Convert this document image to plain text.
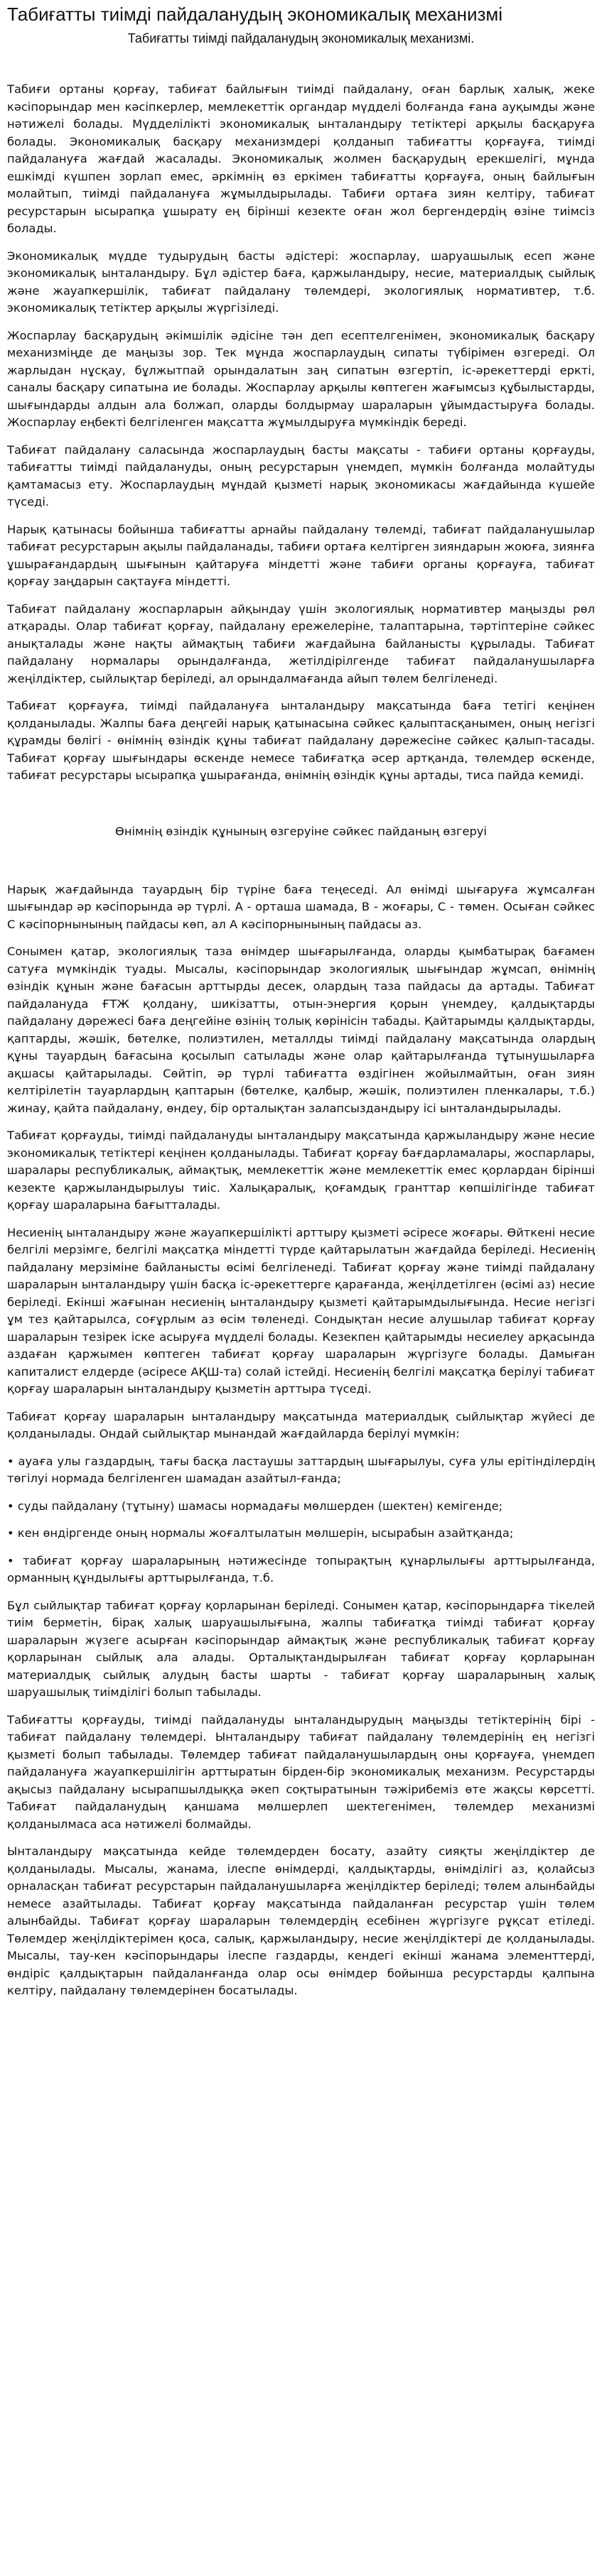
Табиғатты тиімді пайдаланудың экономикалық механизмі
Табиғатты тиімді пайдаланудың экономикалық механизмі.

Табиғи ортаны қорғау, табиғат байлығын тиімді пайдалану, оған барлық халық, жеке кәсіпорындар мен кәсіпкерлер, мемлекеттік органдар мүдделі болғанда ғана ауқымды және нәтижелі болады. Мүдделілікті экономикалық ынталандыру тетіктері арқылы басқаруға болады. Экономикалық басқару механизмдері қолданып табиғатты қорғауға, тиімді пайдалануға жағдай жасалады. Экономикалық жолмен басқарудың ерекшелігі, мұнда ешкімді күшпен зорлап емес, әркімнің өз еркімен табиғатты қорғауға, оның байлығын молайтып, тиімді пайдалануға жұмылдырылады. Табиғи ортаға зиян келтіру, табиғат ресурстарын ысырапқа ұшырату ең бірінші кезекте оған жол бергендердің өзіне тиімсіз болады.

Экономикалық мүдде тудырудың басты әдістері: жоспарлау, шаруашылық есеп және экономикалық ынталандыру. Бұл әдістер баға, қаржыландыру, несие, материалдық сыйлық және жауапкершілік, табиғат пайдалану төлемдері, экологиялық нормативтер, т.б. экономикалық тетіктер арқылы жүргізіледі.

Жоспарлау басқарудың әкімшілік әдісіне тән деп есептелгенімен, экономикалық басқару механизміңде де маңызы зор. Тек мұнда жоспарлаудың сипаты түбірімен өзгереді. Ол жарлыдан нұсқау, бұлжытпай орындалатын заң сипатын өзгертіп, іс-әрекеттерді еркті, саналы басқару сипатына ие болады. Жоспарлау арқылы көптеген жағымсыз құбылыстарды, шығындарды алдын ала болжап, оларды болдырмау шараларын ұйымдастыруға болады. Жоспарлау еңбекті белгіленген мақсатта жұмылдыруға мүмкіндік береді.

Табиғат пайдалану саласында жоспарлаудың басты мақсаты - табиғи ортаны қорғауды, табиғатты тиімді пайдалануды, оның ресурстарын үнемдеп, мүмкін болғанда молайтуды қамтамасыз ету. Жоспарлаудың мұндай қызметі нарық экономикасы жағдайында күшейе түседі.

Нарық қатынасы бойынша табиғатты арнайы пайдалану төлемді, табиғат пайдаланушылар табиғат ресурстарын ақылы пайдаланады, табиғи ортаға келтірген зияндарын жоюға, зиянға ұшырағандардың шығынын қайтаруға міндетті және табиғи органы қорғауға, табиғат қорғау заңдарын сақтауға міндетті.

Табиғат пайдалану жоспарларын айқындау үшін экологиялық нормативтер маңызды рөл атқарады. Олар табиғат қорғау, пайдалану ережелеріне, талаптарына, тәртіптеріне сәйкес анықталады және нақты аймақтың табиғи жағдайына байланысты құрылады. Табиғат пайдалану нормалары орындалғанда, жетілдірілгенде табиғат пайдаланушыларға жеңілдіктер, сыйлықтар беріледі, ал орындалмағанда айып төлем белгіленеді.

Табиғат қорғауға, тиімді пайдалануға ынталандыру мақсатында баға тетігі кеңінен қолданылады. Жалпы баға деңгейі нарық қатынасына сәйкес қалыптасқанымен, оның негізгі құрамды бөлігі - өнімнің өзіндік құны табиғат пайдалану дәрежесіне сәйкес қалып-тасады. Табиғат қорғау шығындары өскенде немесе табиғатқа әсер артқанда, төлемдер өскенде, табиғат ресурстары ысырапқа ұшырағанда, өнімнің өзіндік құны артады, тиса пайда кемиді.

Өнімнің өзіндік құнының өзгеруіне сәйкес пайданың өзгеруі

Нарық жағдайында тауардың бір түріне баға теңеседі. Ал өнімді шығаруға жұмсалған шығындар әр кәсіпорында әр түрлі. А - орташа шамада, В - жоғары, С - төмен. Осыған сәйкес С кәсіпорнынының пайдасы көп, ал А кәсіпорнынының пайдасы аз.

Сонымен қатар, экологиялық таза өнімдер шығарылғанда, оларды қымбатырақ бағамен сатуға мүмкіндік туады. Мысалы, кәсіпорындар экологиялық шығындар жұмсап, өнімнің өзіндік құнын және бағасын арттырды десек, олардың таза пайдасы да артады. Табиғат пайдалануда ҒТЖ қолдану, шикізатты, отын-энергия қорын үнемдеу, қалдықтарды пайдалану дәрежесі баға деңгейіне өзінің толық көрінісін табады. Қайтарымды қалдықтарды, қаптарды, жәшік, бөтелке, полиэтилен, металлды тиімді пайдалану мақсатында олардың құны тауардың бағасына қосылып сатылады және олар қайтарылғанда тұтынушыларға ақшасы қайтарылады. Сөйтіп, әр түрлі табиғатта өздігінен жойылмайтын, оған зиян келтірілетін тауарлардың қаптарын (бөтелке, қалбыр, жәшік, полиэтилен пленкалары, т.б.) жинау, қайта пайдалану, өндеу, бір орталықтан залапсыздандыру ісі ынталандырылады.

Табиғат қорғауды, тиімді пайдалануды ынталандыру мақсатында қаржыландыру және несие экономикалық тетіктері кеңінен қолданылады. Табиғат қорғау бағдарламалары, жоспарлары, шаралары республикалық, аймақтық, мемлекеттік және мемлекеттік емес қорлардан бірінші кезекте қаржыландырылуы тиіс. Халықаралық, қоғамдық гранттар көпшілігінде табиғат қорғау шараларына бағытталады.

Несиенің ынталандыру және жауапкершілікті арттыру қызметі әсіресе жоғары. Өйткені несие белгілі мерзімге, белгілі мақсатқа міндетті түрде қайтарылатын жағдайда беріледі. Несиенің пайдалану мерзіміне байланысты өсімі белгіленеді. Табиғат қорғау және тиімді пайдалану шараларын ынталандыру үшін басқа іс-әрекеттерге қарағанда, жеңілдетілген (өсімі аз) несие беріледі. Екінші жағынан несиенің ынталандыру қызметі қайтарымдылығында. Несие негізгі ұм тез қайтарылса, соғұрлым аз өсім төленеді. Сондықтан несие алушылар табиғат қорғау шараларын тезірек іске асыруға мүдделі болады. Кезекпен қайтарымды несиелеу арқасында аздаған қаржымен көптеген табиғат қорғау шараларын жүргізуге болады. Дамыған капиталист елдерде (әсіресе АҚШ-та) солай істейді. Несиенің белгілі мақсатқа берілуі табиғат қорғау шараларын ынталандыру қызметін арттыра түседі.

Табиғат қорғау шараларын ынталандыру мақсатында материалдық сыйлықтар жүйесі де қолданылады. Ондай сыйлықтар мынандай жағдайларда берілуі мүмкін:

• ауаға улы газдардың, тағы басқа ластаушы заттардың шығарылуы, суға улы ерітінділердің төгілуі нормада белгіленген шамадан азайтыл-ғанда;

• суды пайдалану (тұтыну) шамасы нормадағы мөлшерден (шектен) кемігенде;

• кен өндіргенде оның нормалы жоғалтылатын мөлшерін, ысырабын азайтқанда;

• табиғат қорғау шараларының нәтижесінде топырақтың құнарлылығы арттырылғанда, орманның құндылығы арттырылғанда, т.б.

Бұл сыйлықтар табиғат қорғау қорларынан беріледі. Сонымен қатар, кәсіпорындарға тікелей тиім берметін, бірақ халық шаруашылығына, жалпы табиғатқа тиімді табиғат қорғау шараларын жүзеге асырған кәсіпорындар аймақтық және республикалық табиғат қорғау қорларынан сыйлық ала алады. Орталықтандырылған табиғат қорғау қорларынан материалдық сыйлық алудың басты шарты - табиғат қорғау шараларының халық шаруашылық тиімділігі болып табылады.

Табиғатты қорғауды, тиімді пайдалануды ынталандырудың маңызды тетіктерінің бірі - табиғат пайдалану төлемдері. Ынталандыру табиғат пайдалану төлемдерінің ең негізгі қызметі болып табылады. Төлемдер табиғат пайдаланушылардың оны қорғауға, үнемдеп пайдалануға жауапкершілігін арттыратын бірден-бір экономикалық механизм. Ресурстарды ақысыз пайдалану ысырапшылдыққа әкеп соқтыратынын тәжірибеміз өте жақсы көрсетті. Табиғат пайдаланудың қаншама мөлшерлеп шектегенімен, төлемдер механизмі қолданылмаса аса нәтижелі болмайды.

Ынталандыру мақсатында кейде төлемдерден босату, азайту сияқты жеңілдіктер де қолданылады. Мысалы, жанама, ілеспе өнімдерді, қалдықтарды, өнімділігі аз, қолайсыз орналасқан табиғат ресурстарын пайдаланушыларға жеңілдіктер беріледі; төлем алынбайды немесе азайтылады. Табиғат қорғау мақсатында пайдаланған ресурстар үшін төлем алынбайды. Табиғат қорғау шараларын төлемдердің есебінен жүргізуге рұқсат етіледі. Төлемдер жеңілдіктерімен қоса, салық, қаржыландыру, несие жеңілдіктері де қолданылады. Мысалы, тау-кен кәсіпорындары ілеспе газдарды, кендегі екінші жанама элементтерді, өндіріс қалдықтарын пайдаланғанда олар осы өнімдер бойынша ресурстарды қалпына келтіру, пайдалану төлемдерінен босатылады.
